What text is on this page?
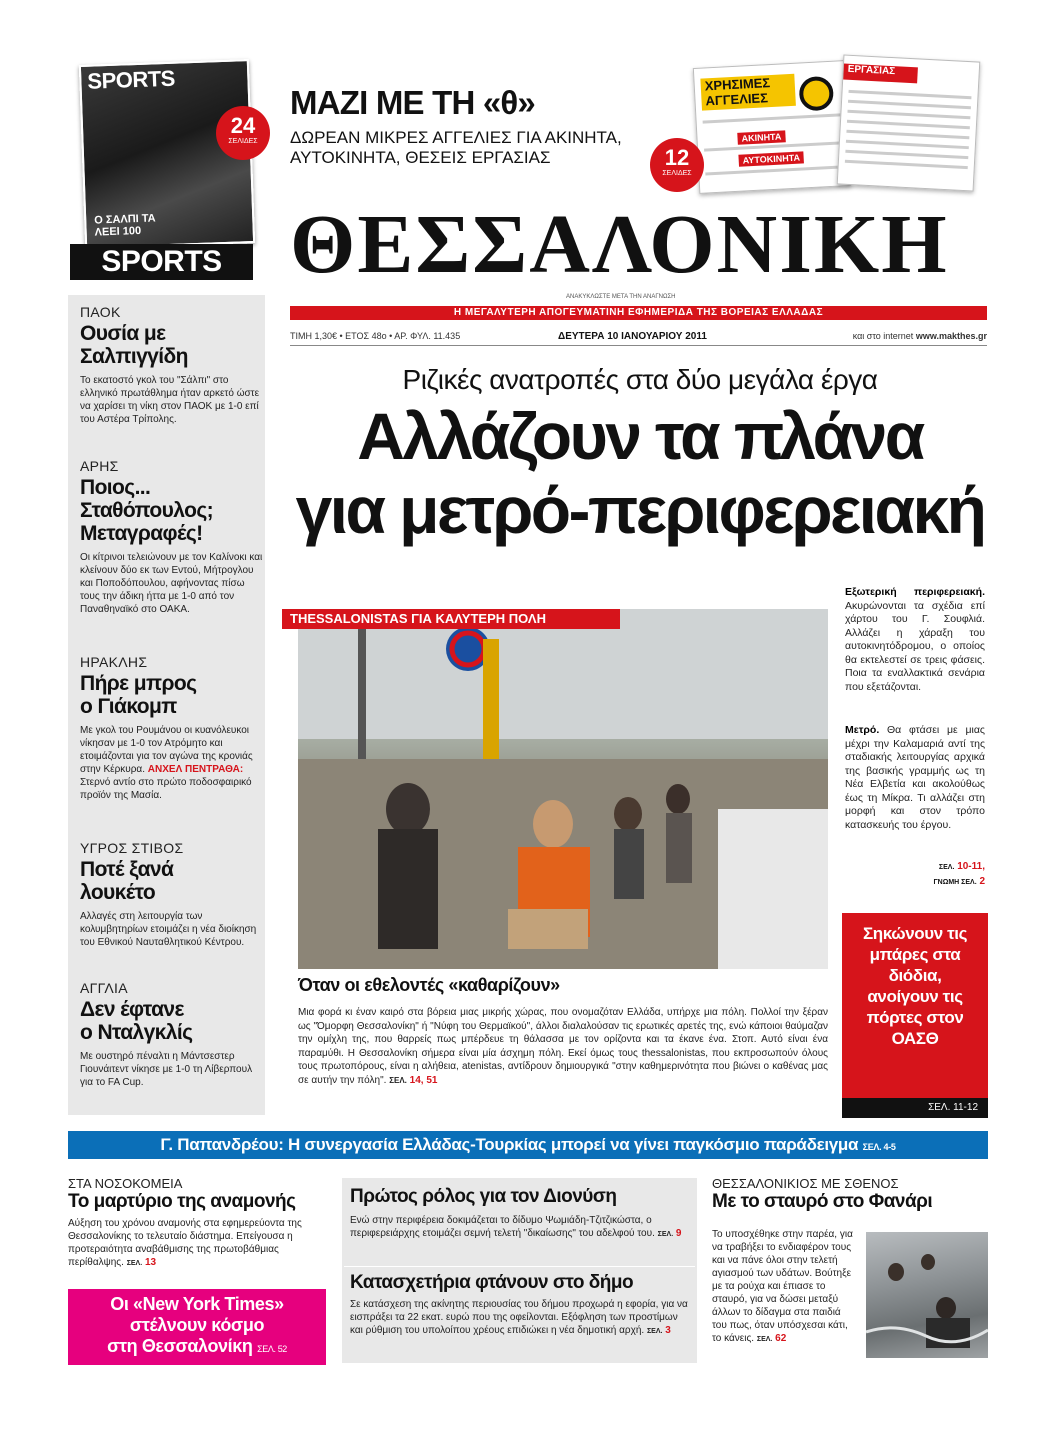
SPORTS
Ο ΣΑΛΠΙ ΤΑ ΛΕΕΙ 100
24
ΣΕΛΙΔΕΣ
SPORTS
ΜΑΖΙ ΜΕ ΤΗ «θ»
ΔΩΡΕΑΝ ΜΙΚΡΕΣ ΑΓΓΕΛΙΕΣ ΓΙΑ ΑΚΙΝΗΤΑ,
ΑΥΤΟΚΙΝΗΤΑ, ΘΕΣΕΙΣ ΕΡΓΑΣΙΑΣ
ΧΡΗΣΙΜΕΣ ΑΓΓΕΛΙΕΣ
ΑΚΙΝΗΤΑ
ΑΥΤΟΚΙΝΗΤΑ
ΕΡΓΑΣΙΑΣ
12
ΣΕΛΙΔΕΣ
ΘΕΣΣΑΛΟΝΙΚΗ
ΑΝΑΚΥΚΛΩΣΤΕ ΜΕΤΑ ΤΗΝ ΑΝΑΓΝΩΣΗ
Η ΜΕΓΑΛΥΤΕΡΗ ΑΠΟΓΕΥΜΑΤΙΝΗ ΕΦΗΜΕΡΙΔΑ ΤΗΣ ΒΟΡΕΙΑΣ ΕΛΛΑΔΑΣ
ΤΙΜΗ 1,30€ • ΕΤΟΣ 48ο • ΑΡ. ΦΥΛ. 11.435	ΔΕΥΤΕΡΑ 10 ΙΑΝΟΥΑΡΙΟΥ 2011	και στο internet www.makthes.gr
ΠΑΟΚ
Ουσία με Σαλπιγγίδη
Το εκατοστό γκολ του "Σάλπι" στο ελληνικό πρωτάθλημα ήταν αρκετό ώστε να χαρίσει τη νίκη στον ΠΑΟΚ με 1-0 επί του Αστέρα Τρίπολης.
ΑΡΗΣ
Ποιος... Σταθόπουλος; Μεταγραφές!
Οι κίτρινοι τελειώνουν με τον Καλίνοκι και κλείνουν δύο εκ των Εντού, Μήτρογλου και Ποποδόπουλου, αφήνοντας πίσω τους την άδικη ήττα με 1-0 από τον Παναθηναϊκό στο ΟΑΚΑ.
ΗΡΑΚΛΗΣ
Πήρε μπρος ο Γιάκομπ
Με γκολ του Ρουμάνου οι κυανόλευκοι νίκησαν με 1-0 τον Ατρόμητο και ετοιμάζονται για τον αγώνα της κρονιάς στην Κέρκυρα. ΑΝΧΕΛ ΠΕΝΤΡΑΘΑ: Στερνό αντίο στο πρώτο ποδοσφαιρικό προϊόν της Μασία.
ΥΓΡΟΣ ΣΤΙΒΟΣ
Ποτέ ξανά λουκέτο
Αλλαγές στη λειτουργία των κολυμβητηρίων ετοιμάζει η νέα διοίκηση του Εθνικού Ναυταθλητικού Κέντρου.
ΑΓΓΛΙΑ
Δεν έφτανε ο Νταλγκλίς
Με ουστηρό πέναλτι η Μάντσεστερ Γιουνάιτεντ νίκησε με 1-0 τη Λίβερπουλ για το FA Cup.
Ριζικές ανατροπές στα δύο μεγάλα έργα
Αλλάζουν τα πλάνα
για μετρό-περιφερειακή
THESSALONISTAS ΓΙΑ ΚΑΛΥΤΕΡΗ ΠΟΛΗ
Όταν οι εθελοντές «καθαρίζουν»
Μια φορά κι έναν καιρό στα βόρεια μιας μικρής χώρας, που ονομαζόταν Ελλάδα, υπήρχε μια πόλη. Πολλοί την ξέραν ως "Όμορφη Θεσσαλονίκη" ή "Νύφη του Θερμαϊκού", άλλοι διαλαλούσαν τις ερωτικές αρετές της, ενώ κάποιοι θαύμαζαν την ομίχλη της, που θαρρείς πως μπέρδευε τη θάλασσα με τον ορίζοντα και τα έκανε ένα. Στοπ. Αυτό είναι ένα παραμύθι. Η Θεσσαλονίκη σήμερα είναι μία άσχημη πόλη. Εκεί όμως τους thessalonistas, που εκπροσωπούν όλους τους πρωτοπόρους, είναι η αλήθεια, atenistas, αντίδρουν δημιουργικά "στην καθημερινότητα που βιώνει ο καθένας μας σε αυτήν την πόλη". ΣΕΛ. 14, 51
Εξωτερική περιφερειακή. Ακυρώνονται τα σχέδια επί χάρτου του Γ. Σουφλιά. Αλλάζει η χάραξη του αυτοκινητόδρομου, ο οποίος θα εκτελεστεί σε τρεις φάσεις. Ποια τα εναλλακτικά σενάρια που εξετάζονται.
Μετρό. Θα φτάσει με μιας μέχρι την Καλαμαριά αντί της σταδιακής λειτουργίας αρχικά της βασικής γραμμής ως τη Νέα Ελβετία και ακολούθως έως τη Μίκρα. Τι αλλάζει στη μορφή και στον τρόπο κατασκευής του έργου.
ΣΕΛ. 10-11,
ΓΝΩΜΗ ΣΕΛ. 2
Σηκώνουν τις μπάρες στα διόδια, ανοίγουν τις πόρτες στον ΟΑΣΘ
ΣΕΛ. 11-12
Γ. Παπανδρέου: Η συνεργασία Ελλάδας-Τουρκίας μπορεί να γίνει παγκόσμιο παράδειγμα ΣΕΛ. 4-5
ΣΤΑ ΝΟΣΟΚΟΜΕΙΑ
Το μαρτύριο της αναμονής
Αύξηση του χρόνου αναμονής στα εφημερεύοντα της Θεσσαλονίκης το τελευταίο διάστημα. Επείγουσα η προτεραιότητα αναβάθμισης της πρωτοβάθμιας περίθαλψης. ΣΕΛ. 13
Οι «New York Times»
στέλνουν κόσμο
στη Θεσσαλονίκη ΣΕΛ. 52
Πρώτος ρόλος για τον Διονύση
Ενώ στην περιφέρεια δοκιμάζεται το δίδυμο Ψωμιάδη-Τζιτζικώστα, ο περιφερειάρχης ετοιμάζει σεμνή τελετή "δικαίωσης" του αδελφού του. ΣΕΛ. 9
Κατασχετήρια φτάνουν στο δήμο
Σε κατάσχεση της ακίνητης περιουσίας του δήμου προχωρά η εφορία, για να εισπράξει τα 22 εκατ. ευρώ που της οφείλονται. Εξόφληση των προστίμων και ρύθμιση του υπολοίπου χρέους επιδιώκει η νέα δημοτική αρχή. ΣΕΛ. 3
ΘΕΣΣΑΛΟΝΙΚΙΟΣ ΜΕ ΣΘΕΝΟΣ
Με το σταυρό στο Φανάρι
Το υποσχέθηκε στην παρέα, για να τραβήξει το ενδιαφέρον τους και να πάνε όλοι στην τελετή αγιασμού των υδάτων. Βούτηξε με τα ρούχα και έπιασε το σταυρό, για να δώσει μεταξύ άλλων το δίδαγμα στα παιδιά του πως, όταν υπόσχεσαι κάτι, το κάνεις. ΣΕΛ. 62
